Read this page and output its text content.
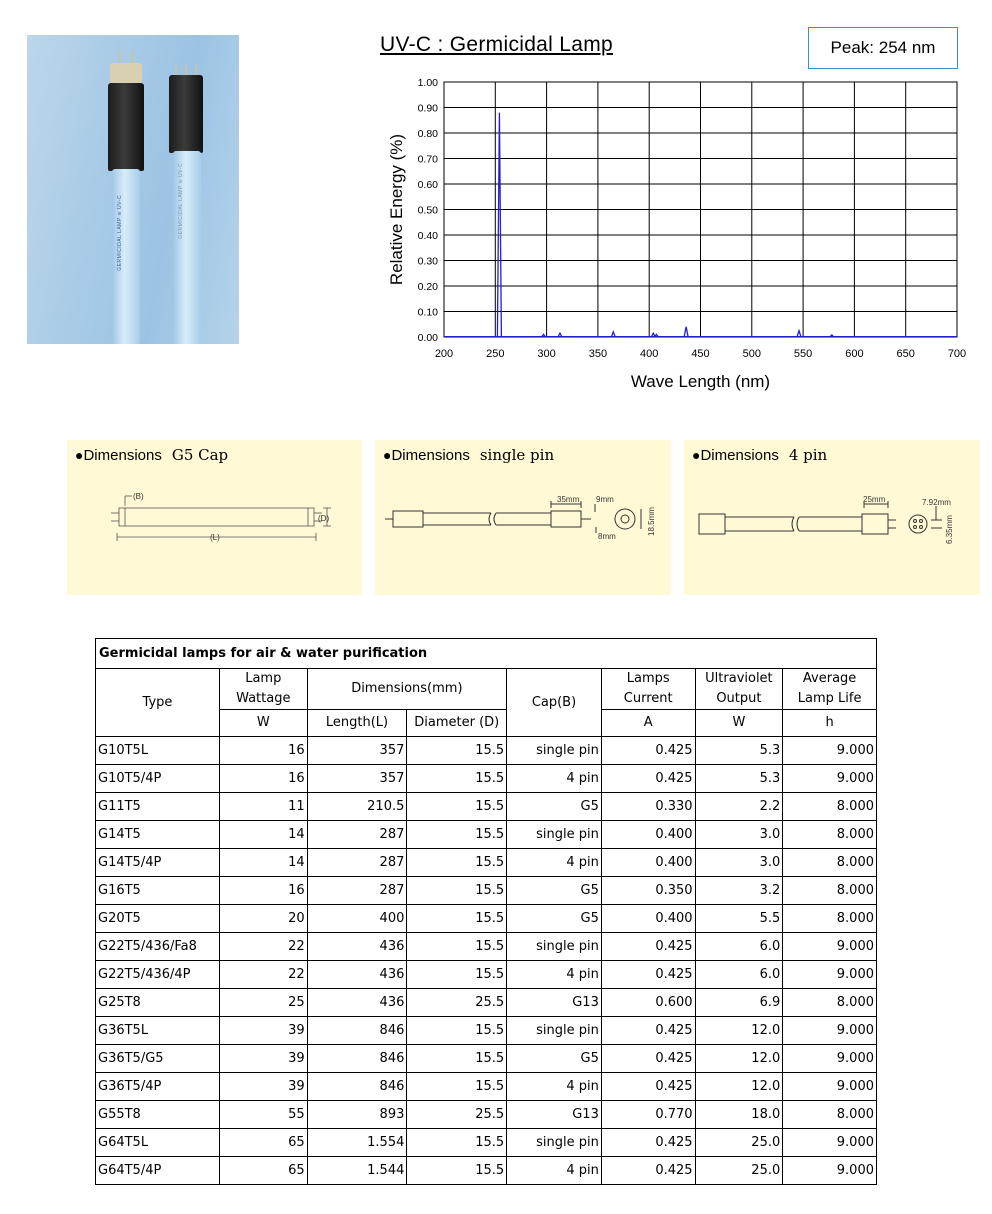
GERMICIDAL LAMP ≋ UV-C	GERMICIDAL LAMP ≋ UV-C
UV-C : Germicidal Lamp	Peak: 254 nm
0.00
0.10
0.20
0.30
0.40
0.50
0.60
0.70
0.80
0.90
1.00
200	250	300	350	400	450	500	550	600	650	700
Wave Length (nm)
Relative Energy (%)
●Dimensions G5 Cap
(B)
(L)
(D)
●Dimensions single pin
35mm 9mm
8mm
18.5mm
●Dimensions 4 pin
25mm	7.92mm
6.35mm
Germicidal lamps for air & water purification							
Type	Lamp Wattage	Dimensions(mm)		Cap(B)	Lamps Current	Ultraviolet Output	Average Lamp Life
	W	Length(L)	Diameter (D)		A	W	h
G10T5L	16	357	15.5	single pin	0.425	5.3	9.000
G10T5/4P	16	357	15.5	4 pin	0.425	5.3	9.000
G11T5	11	210.5	15.5	G5	0.330	2.2	8.000
G14T5	14	287	15.5	single pin	0.400	3.0	8.000
G14T5/4P	14	287	15.5	4 pin	0.400	3.0	8.000
G16T5	16	287	15.5	G5	0.350	3.2	8.000
G20T5	20	400	15.5	G5	0.400	5.5	8.000
G22T5/436/Fa8	22	436	15.5	single pin	0.425	6.0	9.000
G22T5/436/4P	22	436	15.5	4 pin	0.425	6.0	9.000
G25T8	25	436	25.5	G13	0.600	6.9	8.000
G36T5L	39	846	15.5	single pin	0.425	12.0	9.000
G36T5/G5	39	846	15.5	G5	0.425	12.0	9.000
G36T5/4P	39	846	15.5	4 pin	0.425	12.0	9.000
G55T8	55	893	25.5	G13	0.770	18.0	8.000
G64T5L	65	1.554	15.5	single pin	0.425	25.0	9.000
G64T5/4P	65	1.544	15.5	4 pin	0.425	25.0	9.000
